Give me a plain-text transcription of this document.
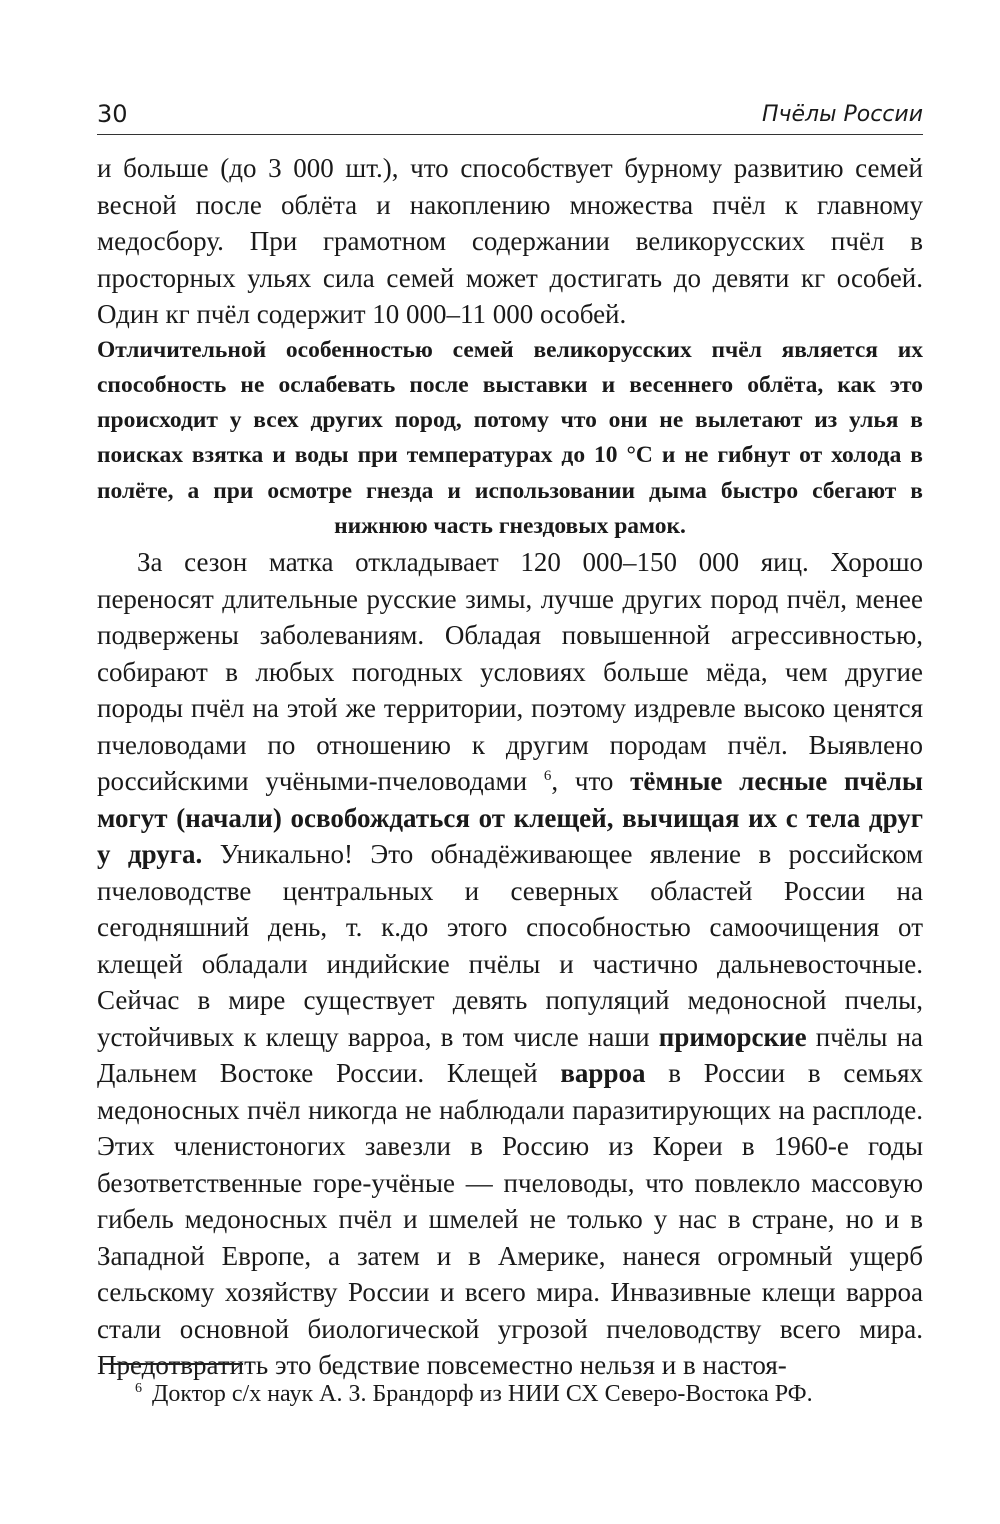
30	Пчёлы России

и больше (до 3 000 шт.), что способствует бурному развитию семей весной после облёта и накоплению множества пчёл к главному медосбору. При грамотном содержании великорусских пчёл в просторных ульях сила семей может достигать до девяти кг особей. Один кг пчёл содержит 10 000–11 000 особей.

Отличительной особенностью семей великорусских пчёл является их способность не ослабевать после выставки и весеннего облёта, как это происходит у всех других пород, потому что они не вылетают из улья в поисках взятка и воды при температурах до 10 °С и не гибнут от холода в полёте, а при осмотре гнезда и использовании дыма быстро сбегают в нижнюю часть гнездовых рамок.

За сезон матка откладывает 120 000–150 000 яиц. Хорошо переносят длительные русские зимы, лучше других пород пчёл, менее подвержены заболеваниям. Обладая повышенной агрессивностью, собирают в любых погодных условиях больше мёда, чем другие породы пчёл на этой же территории, поэтому издревле высоко ценятся пчеловодами по отношению к другим породам пчёл. Выявлено российскими учёными-пчеловодами $^6$, что тёмные лесные пчёлы могут (начали) освобождаться от клещей, вычищая их с тела друг у друга. Уникально! Это обнадёживающее явление в российском пчеловодстве центральных и северных областей России на сегодняшний день, т. к.до этого способностью самоочищения от клещей обладали индийские пчёлы и частично дальневосточные. Сейчас в мире существует девять популяций медоносной пчелы, устойчивых к клещу варроа, в том числе наши приморские пчёлы на Дальнем Востоке России. Клещей варроа в России в семьях медоносных пчёл никогда не наблюдали паразитирующих на расплоде. Этих членистоногих завезли в Россию из Кореи в 1960-е годы безответственные горе-учёные — пчеловоды, что повлекло массовую гибель медоносных пчёл и шмелей не только у нас в стране, но и в Западной Европе, а затем и в Америке, нанеся огромный ущерб сельскому хозяйству России и всего мира. Инвазивные клещи варроа стали основной биологической угрозой пчеловодству всего мира. Предотвратить это бедствие повсеместно нельзя и в настоя-

$^6$ Доктор с/х наук А. З. Брандорф из НИИ СХ Северо-Востока РФ.
